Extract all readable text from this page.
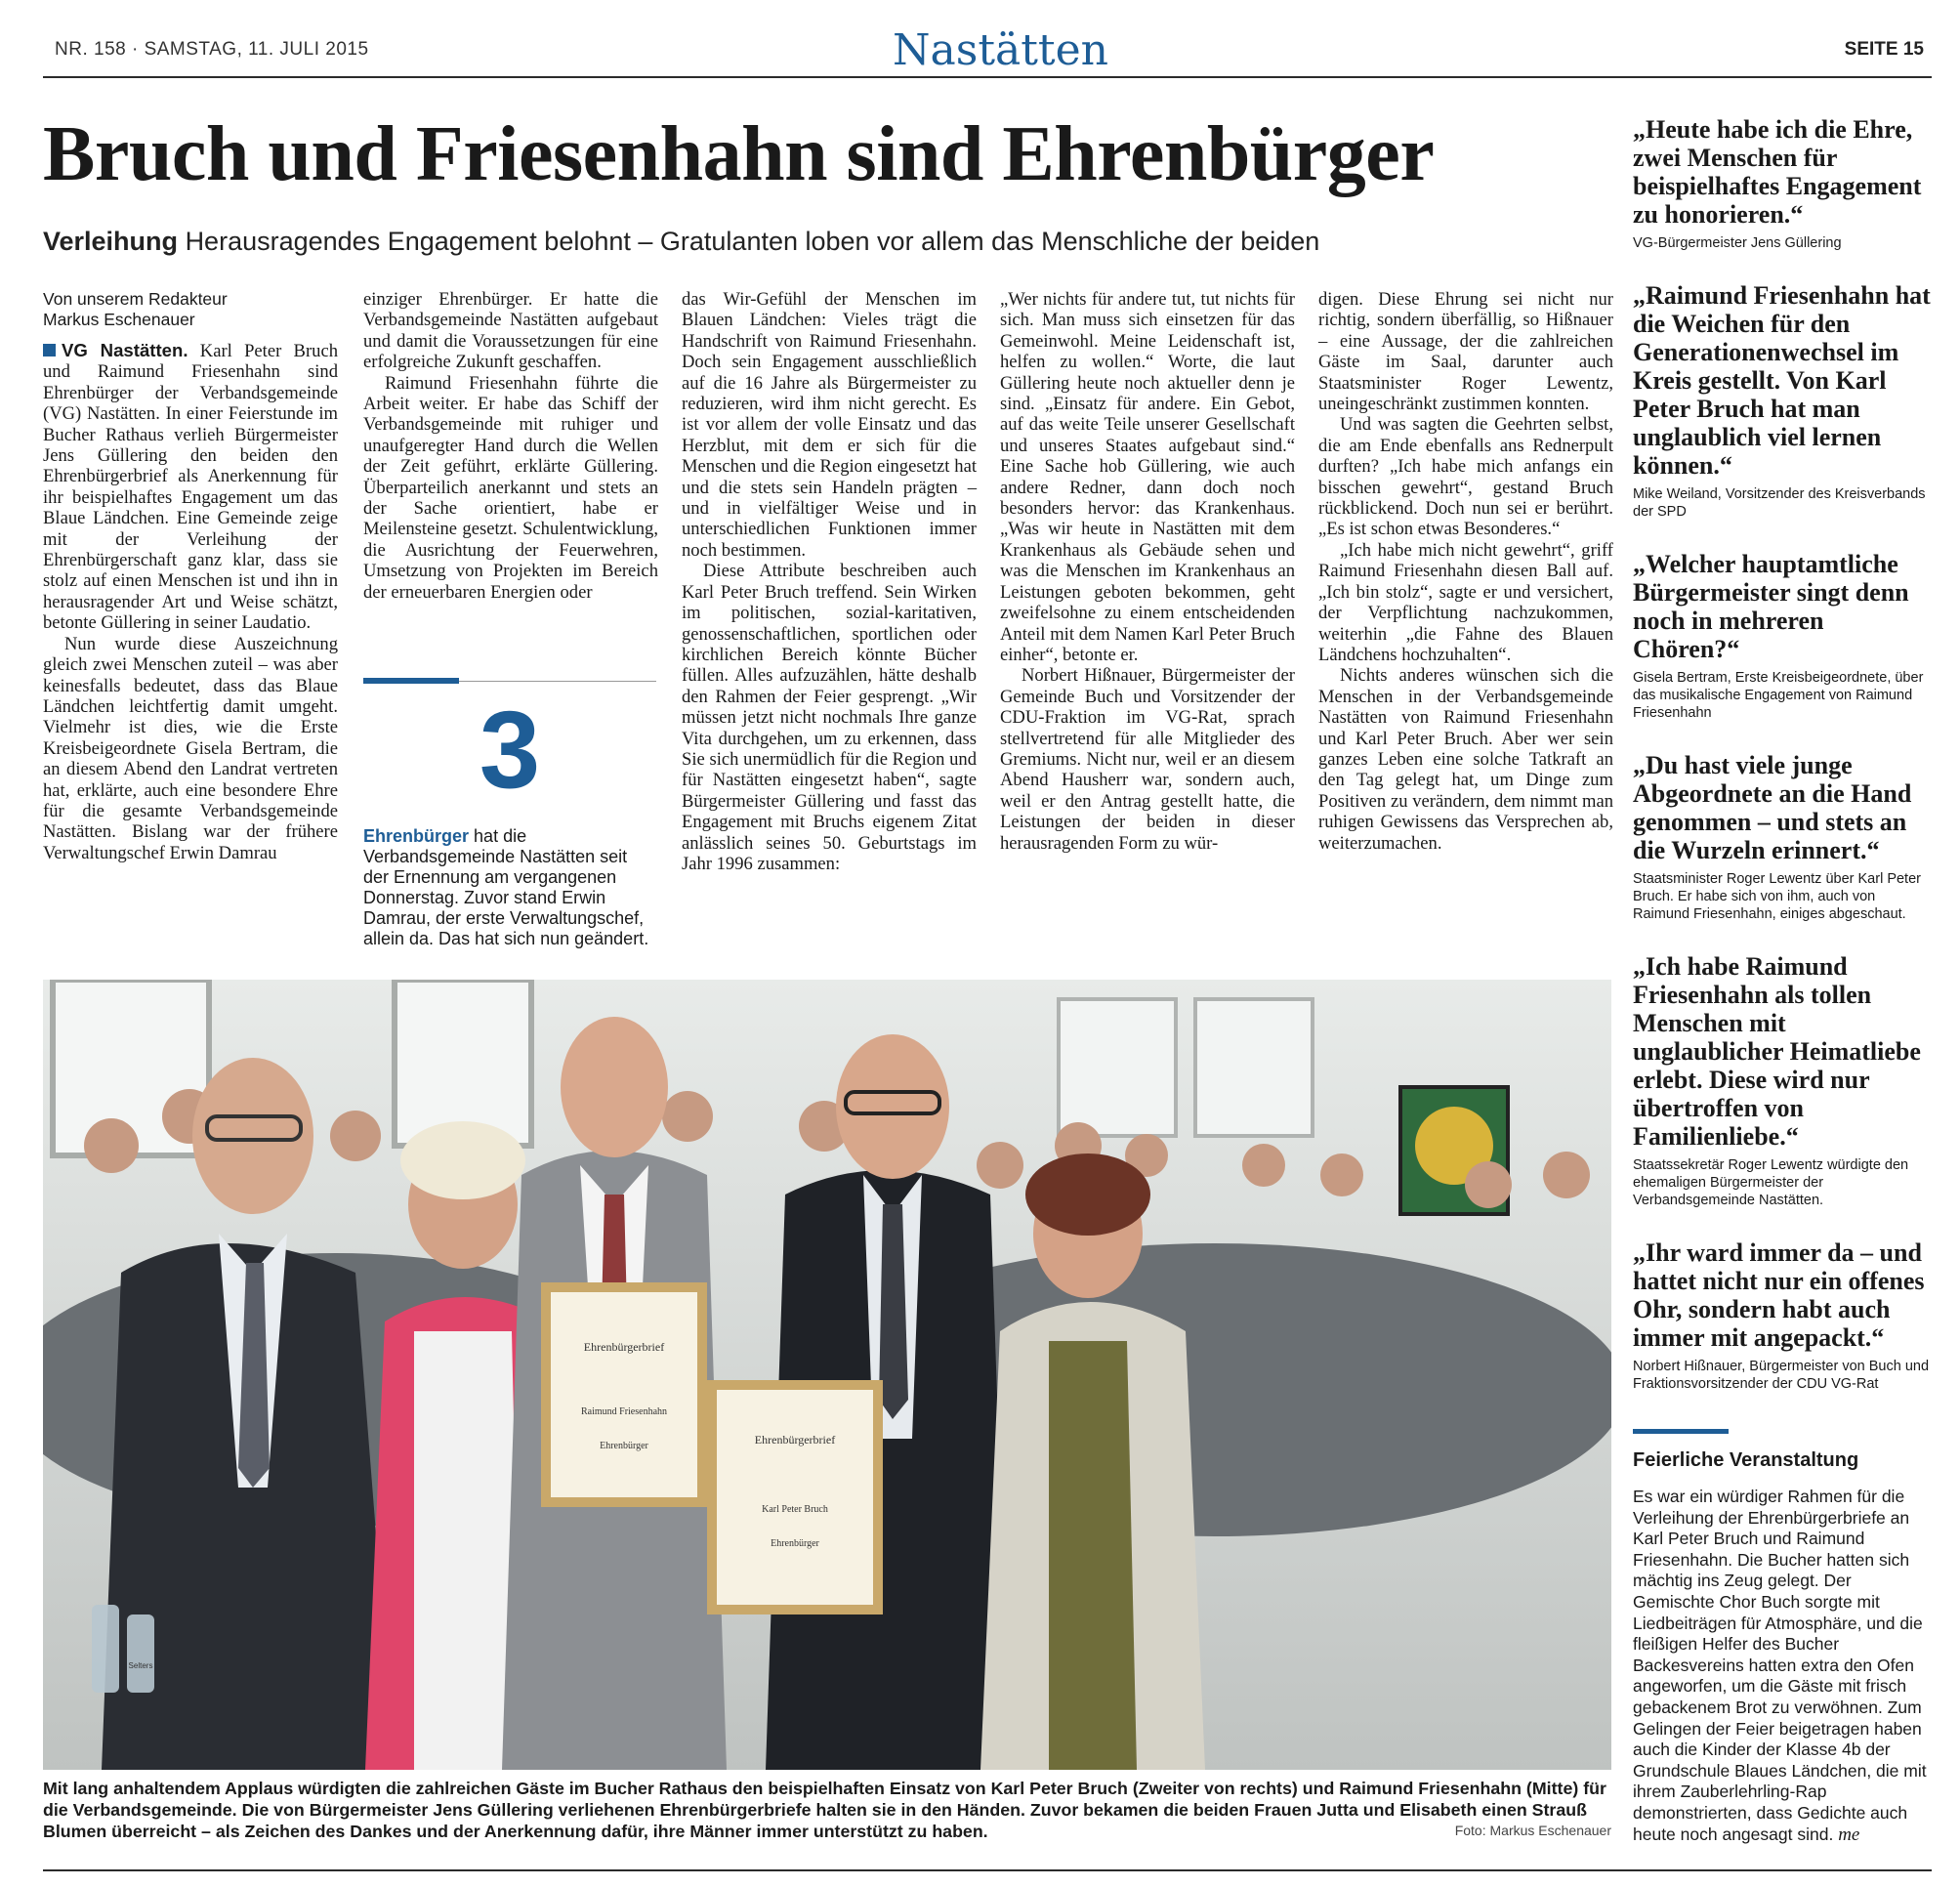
NR. 158 · SAMSTAG, 11. JULI 2015	Nastätten	SEITE 15
Bruch und Friesenhahn sind Ehrenbürger
Verleihung Herausragendes Engagement belohnt – Gratulanten loben vor allem das Menschliche der beiden
Von unserem Redakteur
Markus Eschenauer

VG Nastätten. Karl Peter Bruch und Raimund Friesenhahn sind Ehrenbürger der Verbandsgemeinde (VG) Nastätten. In einer Feierstunde im Bucher Rathaus verlieh Bürgermeister Jens Güllering den beiden den Ehrenbürgerbrief als Anerkennung für ihr beispielhaftes Engagement um das Blaue Ländchen. Eine Gemeinde zeige mit der Verleihung der Ehrenbürgerschaft ganz klar, dass sie stolz auf einen Menschen ist und ihn in herausragender Art und Weise schätzt, betonte Güllering in seiner Laudatio.

Nun wurde diese Auszeichnung gleich zwei Menschen zuteil – was aber keinesfalls bedeutet, dass das Blaue Ländchen leichtfertig damit umgeht. Vielmehr ist dies, wie die Erste Kreisbeigeordnete Gisela Bertram, die an diesem Abend den Landrat vertreten hat, erklärte, auch eine besondere Ehre für die gesamte Verbandsgemeinde Nastätten. Bislang war der frühere Verwaltungschef Erwin Damrau

einziger Ehrenbürger. Er hatte die Verbandsgemeinde Nastätten aufgebaut und damit die Voraussetzungen für eine erfolgreiche Zukunft geschaffen.

Raimund Friesenhahn führte die Arbeit weiter. Er habe das Schiff der Verbandsgemeinde mit ruhiger und unaufgeregter Hand durch die Wellen der Zeit geführt, erklärte Güllering. Überparteilich anerkannt und stets an der Sache orientiert, habe er Meilensteine gesetzt. Schulentwicklung, die Ausrichtung der Feuerwehren, Umsetzung von Projekten im Bereich der erneuerbaren Energien oder

3
Ehrenbürger hat die Verbandsgemeinde Nastätten seit der Ernennung am vergangenen Donnerstag. Zuvor stand Erwin Damrau, der erste Verwaltungschef, allein da. Das hat sich nun geändert.

das Wir-Gefühl der Menschen im Blauen Ländchen: Vieles trägt die Handschrift von Raimund Friesenhahn. Doch sein Engagement ausschließlich auf die 16 Jahre als Bürgermeister zu reduzieren, wird ihm nicht gerecht. Es ist vor allem der volle Einsatz und das Herzblut, mit dem er sich für die Menschen und die Region eingesetzt hat und die stets sein Handeln prägten – und in vielfältiger Weise und in unterschiedlichen Funktionen immer noch bestimmen.

Diese Attribute beschreiben auch Karl Peter Bruch treffend. Sein Wirken im politischen, sozial-karitativen, genossenschaftlichen, sportlichen oder kirchlichen Bereich könnte Bücher füllen. Alles aufzuzählen, hätte deshalb den Rahmen der Feier gesprengt. „Wir müssen jetzt nicht nochmals Ihre ganze Vita durchgehen, um zu erkennen, dass Sie sich unermüdlich für die Region und für Nastätten eingesetzt haben“, sagte Bürgermeister Güllering und fasst das Engagement mit Bruchs eigenem Zitat anlässlich seines 50. Geburtstags im Jahr 1996 zusammen:

„Wer nichts für andere tut, tut nichts für sich. Man muss sich einsetzen für das Gemeinwohl. Meine Leidenschaft ist, helfen zu wollen.“ Worte, die laut Güllering heute noch aktueller denn je sind. „Einsatz für andere. Ein Gebot, auf das weite Teile unserer Gesellschaft und unseres Staates aufgebaut sind.“ Eine Sache hob Güllering, wie auch andere Redner, dann doch noch besonders hervor: das Krankenhaus. „Was wir heute in Nastätten mit dem Krankenhaus als Gebäude sehen und was die Menschen im Krankenhaus an Leistungen geboten bekommen, geht zweifelsohne zu einem entscheidenden Anteil mit dem Namen Karl Peter Bruch einher“, betonte er.

Norbert Hißnauer, Bürgermeister der Gemeinde Buch und Vorsitzender der CDU-Fraktion im VG-Rat, sprach stellvertretend für alle Mitglieder des Gremiums. Nicht nur, weil er an diesem Abend Hausherr war, sondern auch, weil er den Antrag gestellt hatte, die Leistungen der beiden in dieser herausragenden Form zu wür-

digen. Diese Ehrung sei nicht nur richtig, sondern überfällig, so Hißnauer – eine Aussage, der die zahlreichen Gäste im Saal, darunter auch Staatsminister Roger Lewentz, uneingeschränkt zustimmen konnten.

Und was sagten die Geehrten selbst, die am Ende ebenfalls ans Rednerpult durften? „Ich habe mich anfangs ein bisschen gewehrt“, gestand Bruch rückblickend. Doch nun sei er berührt. „Es ist schon etwas Besonderes.“

„Ich habe mich nicht gewehrt“, griff Raimund Friesenhahn diesen Ball auf. „Ich bin stolz“, sagte er und versichert, der Verpflichtung nachzukommen, weiterhin „die Fahne des Blauen Ländchens hochzuhalten“.

Nichts anderes wünschen sich die Menschen in der Verbandsgemeinde Nastätten von Raimund Friesenhahn und Karl Peter Bruch. Aber wer sein ganzes Leben eine solche Tatkraft an den Tag gelegt hat, um Dinge zum Positiven zu verändern, dem nimmt man ruhigen Gewissens das Versprechen ab, weiterzumachen.

Ehrenbürgerbrief
Raimund Friesenhahn
Ehrenbürger	Ehrenbürgerbrief
Karl Peter Bruch
Ehrenbürger
Selters
Mit lang anhaltendem Applaus würdigten die zahlreichen Gäste im Bucher Rathaus den beispielhaften Einsatz von Karl Peter Bruch (Zweiter von rechts) und Raimund Friesenhahn (Mitte) für die Verbandsgemeinde. Die von Bürgermeister Jens Güllering verliehenen Ehrenbürgerbriefe halten sie in den Händen. Zuvor bekamen die beiden Frauen Jutta und Elisabeth einen Strauß Blumen überreicht – als Zeichen des Dankes und der Anerkennung dafür, ihre Männer immer unterstützt zu haben.	Foto: Markus Eschenauer
„Heute habe ich die Ehre, zwei Menschen für beispielhaftes Engagement zu honorieren.“
VG-Bürgermeister Jens Güllering
„Raimund Friesenhahn hat die Weichen für den Generationenwechsel im Kreis gestellt. Von Karl Peter Bruch hat man unglaublich viel lernen können.“
Mike Weiland, Vorsitzender des Kreisverbands der SPD
„Welcher hauptamtliche Bürgermeister singt denn noch in mehreren Chören?“
Gisela Bertram, Erste Kreisbeigeordnete, über das musikalische Engagement von Raimund Friesenhahn
„Du hast viele junge Abgeordnete an die Hand genommen – und stets an die Wurzeln erinnert.“
Staatsminister Roger Lewentz über Karl Peter Bruch. Er habe sich von ihm, auch von Raimund Friesenhahn, einiges abgeschaut.
„Ich habe Raimund Friesenhahn als tollen Menschen mit unglaublicher Heimatliebe erlebt. Diese wird nur übertroffen von Familienliebe.“
Staatssekretär Roger Lewentz würdigte den ehemaligen Bürgermeister der Verbandsgemeinde Nastätten.
„Ihr ward immer da – und hattet nicht nur ein offenes Ohr, sondern habt auch immer mit angepackt.“
Norbert Hißnauer, Bürgermeister von Buch und Fraktionsvorsitzender der CDU VG-Rat
Feierliche Veranstaltung
Es war ein würdiger Rahmen für die Verleihung der Ehrenbürgerbriefe an Karl Peter Bruch und Raimund Friesenhahn. Die Bucher hatten sich mächtig ins Zeug gelegt. Der Gemischte Chor Buch sorgte mit Liedbeiträgen für Atmosphäre, und die fleißigen Helfer des Bucher Backesvereins hatten extra den Ofen angeworfen, um die Gäste mit frisch gebackenem Brot zu verwöhnen. Zum Gelingen der Feier beigetragen haben auch die Kinder der Klasse 4b der Grundschule Blaues Ländchen, die mit ihrem Zauberlehrling-Rap demonstrierten, dass Gedichte auch heute noch angesagt sind. me
